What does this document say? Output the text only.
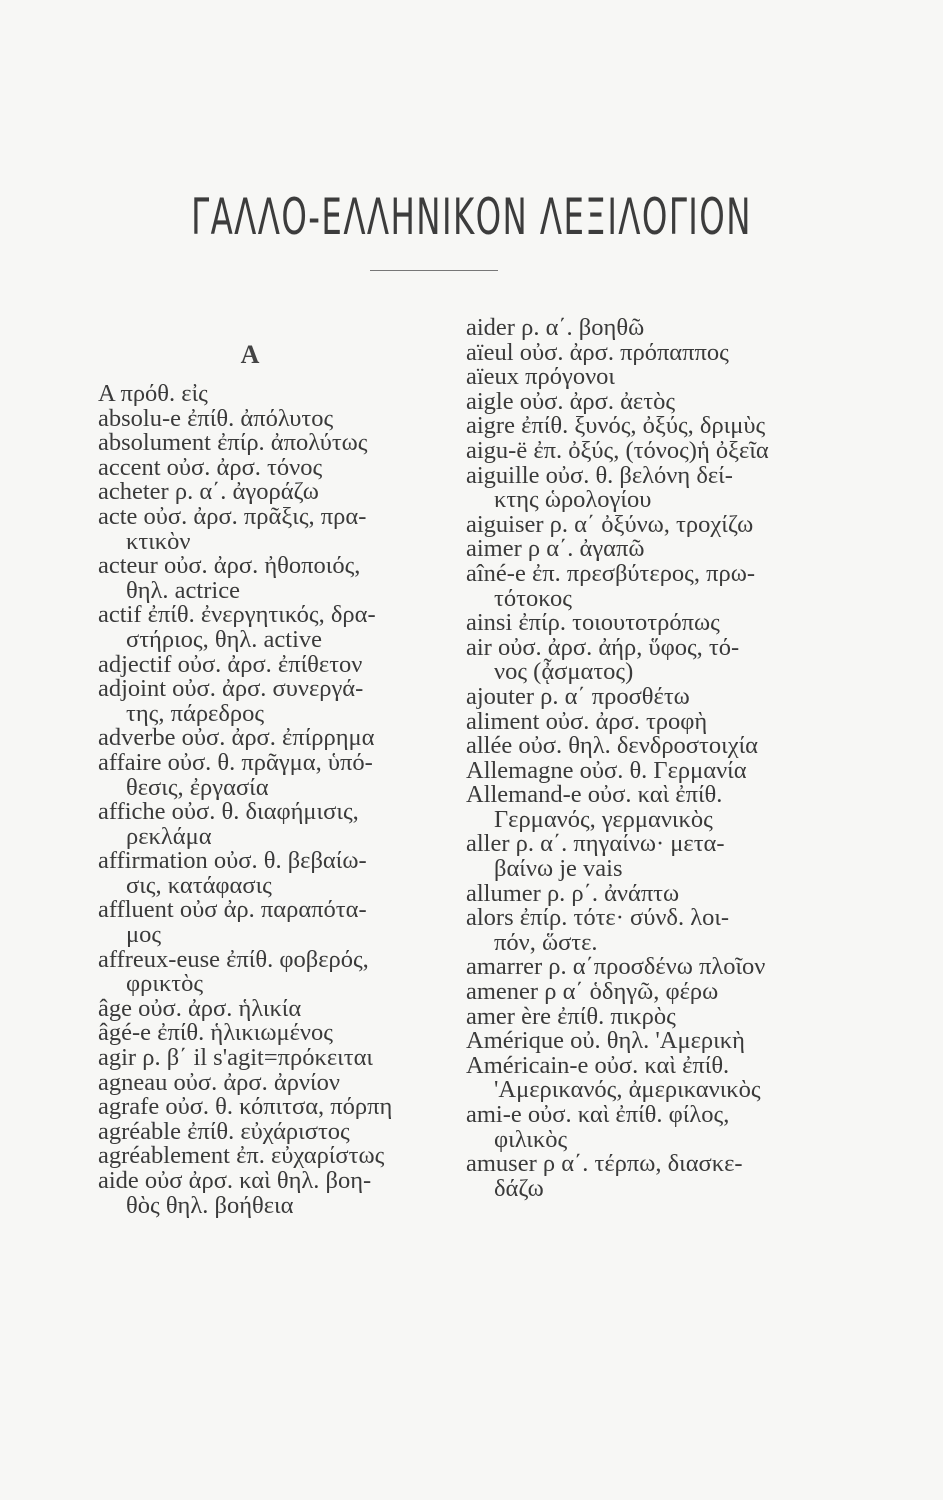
ΓΑΛΛΟ-ΕΛΛΗΝΙΚΟΝ ΛΕΞΙΛΟΓΙΟΝ
A
A πρόθ. εἰς
absolu-e ἐπίθ. ἀπόλυτος
absolument ἐπίρ. ἀπολύτως
accent οὐσ. ἀρσ. τόνος
acheter ρ. α΄. ἀγοράζω
acte οὐσ. ἀρσ. πρᾶξις, πρα-
κτικὸν
acteur οὐσ. ἀρσ. ἠθοποιός,
θηλ. actrice
actif ἐπίθ. ἐνεργητικός, δρα-
στήριος, θηλ. active
adjectif οὐσ. ἀρσ. ἐπίθετον
adjoint οὐσ. ἀρσ. συνεργά-
της, πάρεδρος
adverbe οὐσ. ἀρσ. ἐπίρρημα
affaire οὐσ. θ. πρᾶγμα, ὑπό-
θεσις, ἐργασία
affiche οὐσ. θ. διαφήμισις,
ρεκλάμα
affirmation οὐσ. θ. βεβαίω-
σις, κατάφασις
affluent οὐσ ἀρ. παραπότα-
μος
affreux-euse ἐπίθ. φοβερός,
φρικτὸς
âge οὐσ. ἀρσ. ἡλικία
âgé-e ἐπίθ. ἡλικιωμένος
agir ρ. β΄ il s'agit=πρόκειται
agneau οὐσ. ἀρσ. ἀρνίον
agrafe οὐσ. θ. κόπιτσα, πόρπη
agréable ἐπίθ. εὐχάριστος
agréablement ἐπ. εὐχαρίστως
aide οὐσ ἀρσ. καὶ θηλ. βοη-
θὸς θηλ. βοήθεια
aider ρ. α΄. βοηθῶ
aïeul οὐσ. ἀρσ. πρόπαππος
aïeux πρόγονοι
aigle οὐσ. ἀρσ. ἀετὸς
aigre ἐπίθ. ξυνός, ὀξύς, δριμὺς
aigu-ë ἐπ. ὀξύς, (τόνος)ἡ ὀξεῖα
aiguille οὐσ. θ. βελόνη δεί-
κτης ὡρολογίου
aiguiser ρ. α΄ ὀξύνω, τροχίζω
aimer ρ α΄. ἀγαπῶ
aîné-e ἐπ. πρεσβύτερος, πρω-
τότοκος
ainsi ἐπίρ. τοιουτοτρόπως
air οὐσ. ἀρσ. ἀήρ, ὕφος, τό-
νος (ᾆσματος)
ajouter ρ. α΄ προσθέτω
aliment οὐσ. ἀρσ. τροφὴ
allée οὐσ. θηλ. δενδροστοιχία
Allemagne οὐσ. θ. Γερμανία
Allemand-e οὐσ. καὶ ἐπίθ.
Γερμανός, γερμανικὸς
aller ρ. α΄. πηγαίνω· μετα-
βαίνω je vais
allumer ρ. ρ΄. ἀνάπτω
alors ἐπίρ. τότε· σύνδ. λοι-
πόν, ὥστε.
amarrer ρ. α΄προσδένω πλοῖον
amener ρ α΄ ὁδηγῶ, φέρω
amer ère ἐπίθ. πικρὸς
Amérique οὐ. θηλ. 'Αμερικὴ
Américain-e οὐσ. καὶ ἐπίθ.
'Αμερικανός, ἀμερικανικὸς
ami-e οὐσ. καὶ ἐπίθ. φίλος,
φιλικὸς
amuser ρ α΄. τέρπω, διασκε-
δάζω
